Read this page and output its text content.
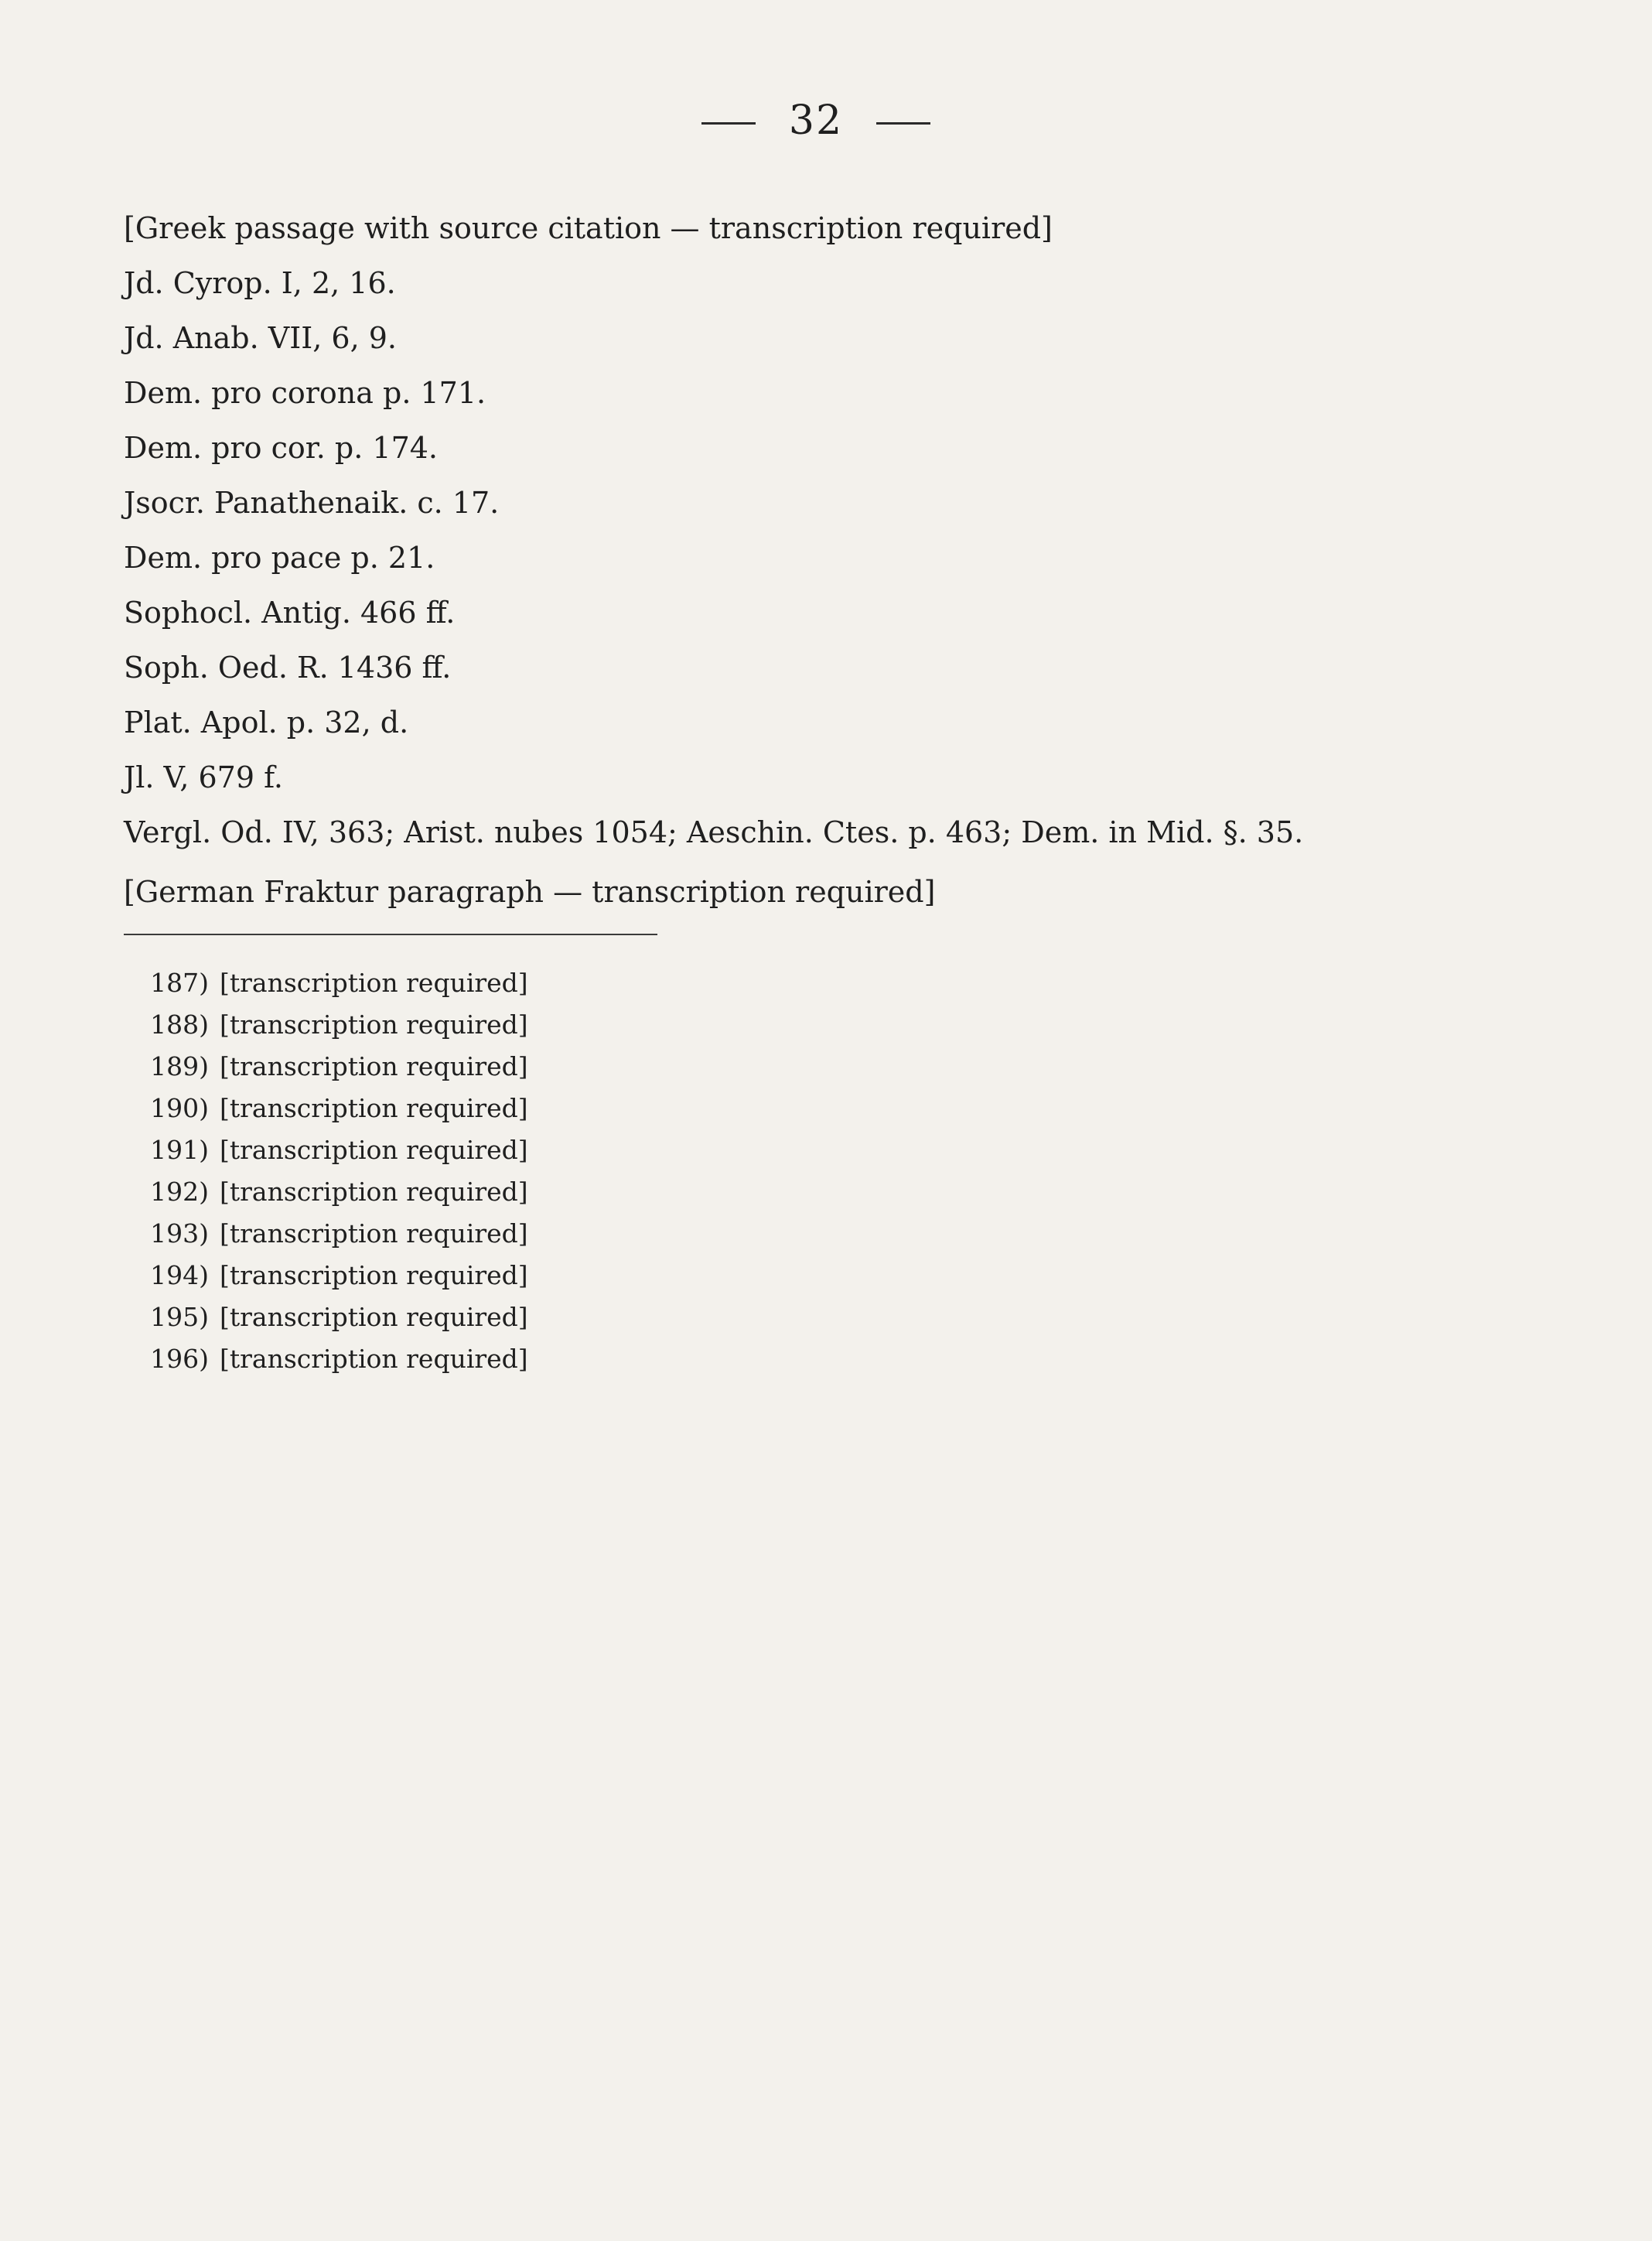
32

[Greek passage with source citation — transcription required]

Jd. Cyrop. I, 2, 16.

Jd. Anab. VII, 6, 9.

Dem. pro corona p. 171.

Dem. pro cor. p. 174.

Jsocr. Panathenaik. c. 17.

Dem. pro pace p. 21.

Sophocl. Antig. 466 ff.

Soph. Oed. R. 1436 ff.

Plat. Apol. p. 32, d.

Jl. V, 679 f.

Vergl. Od. IV, 363; Arist. nubes 1054; Aeschin. Ctes. p. 463; Dem. in Mid. §. 35.

[German Fraktur paragraph — transcription required]

187) [transcription required]
188) [transcription required]
189) [transcription required]
190) [transcription required]
191) [transcription required]
192) [transcription required]
193) [transcription required]
194) [transcription required]
195) [transcription required]
196) [transcription required]
